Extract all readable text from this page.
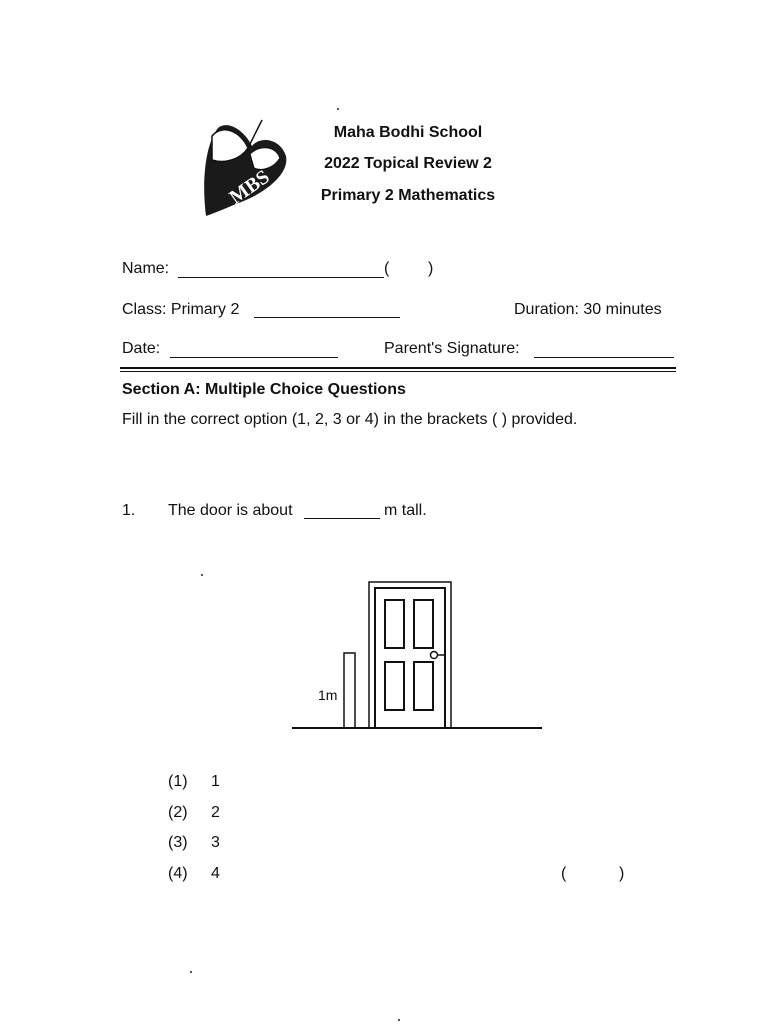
MBS
Maha Bodhi School
2022 Topical Review 2
Primary 2 Mathematics
Name:	( )
Class: Primary 2	Duration: 30 minutes
Date:	Parent's Signature:
Section A: Multiple Choice Questions
Fill in the correct option (1, 2, 3 or 4) in the brackets ( ) provided.
1. The door is about	m tall.
1m
(1) 1
(2) 2
(3) 3
(4) 4	(	)
